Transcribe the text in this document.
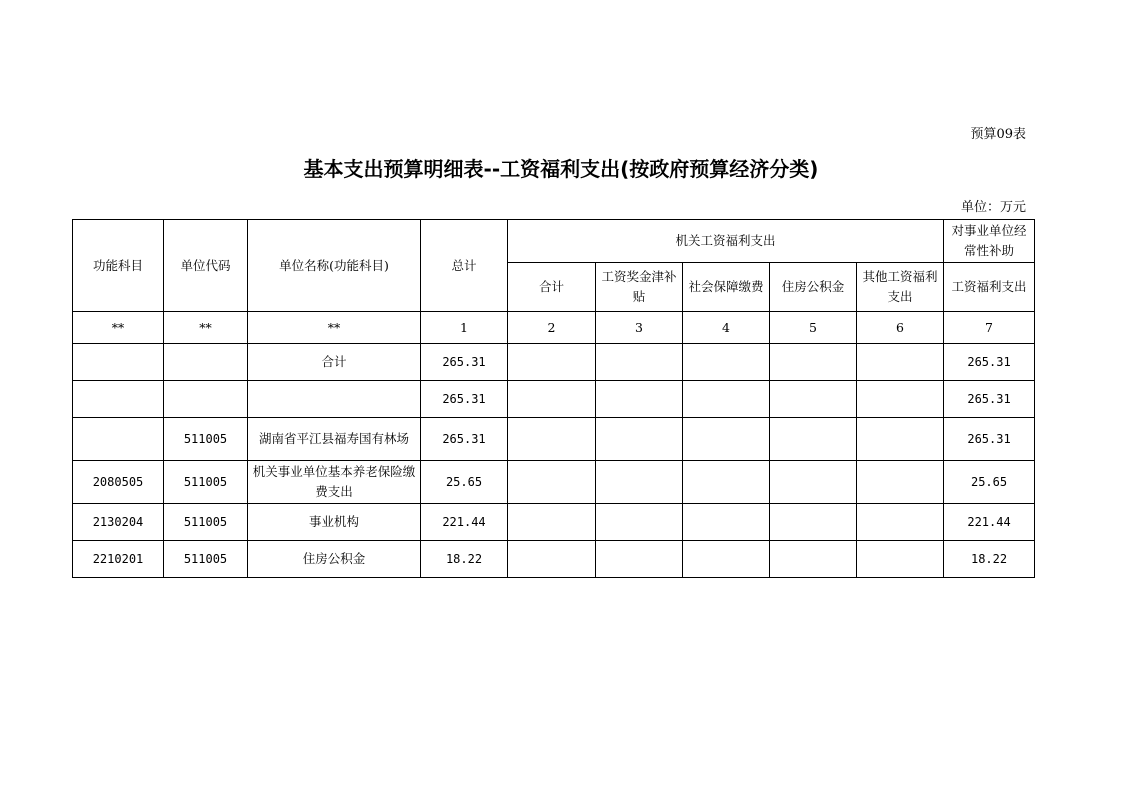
预算09表
基本支出预算明细表--工资福利支出(按政府预算经济分类)
单位：万元
功能科目	单位代码	单位名称(功能科目)	总计	机关工资福利支出					对事业单位经常性补助
				合计	工资奖金津补贴	社会保障缴费	住房公积金	其他工资福利支出	工资福利支出
**	**	**	1	2	3	4	5	6	7
		合计	265.31						265.31
			265.31						265.31
	511005	湖南省平江县福寿国有林场	265.31						265.31
2080505	511005	机关事业单位基本养老保险缴费支出	25.65						25.65
2130204	511005	事业机构	221.44						221.44
2210201	511005	住房公积金	18.22						18.22
